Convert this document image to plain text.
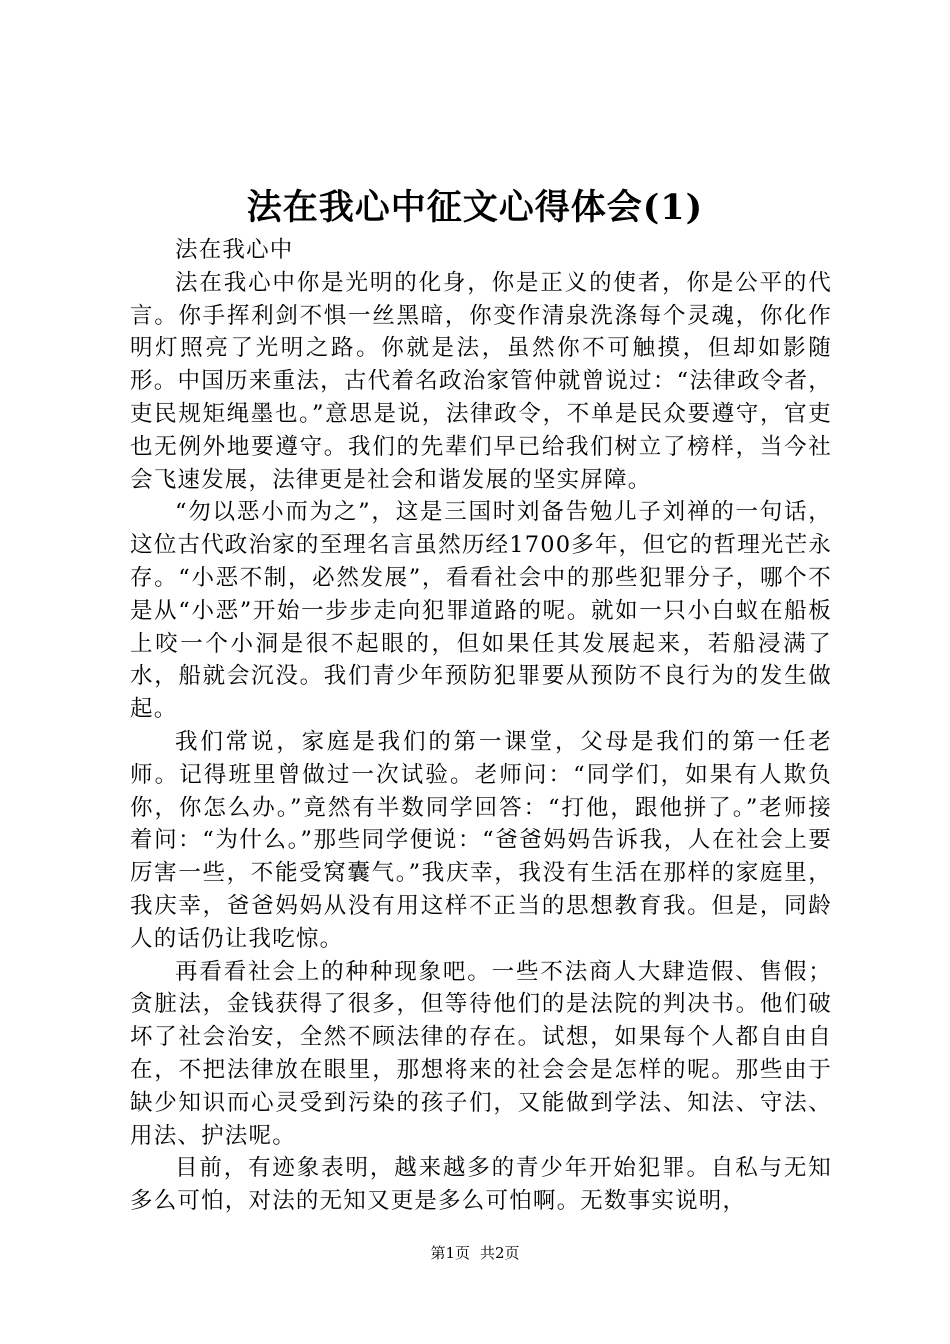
法在我心中征文心得体会(1)

法在我心中

法在我心中你是光明的化身，你是正义的使者，你是公平的代言。你手挥利剑不惧一丝黑暗，你变作清泉洗涤每个灵魂，你化作明灯照亮了光明之路。你就是法，虽然你不可触摸，但却如影随形。中国历来重法，古代着名政治家管仲就曾说过：“法律政令者，吏民规矩绳墨也。”意思是说，法律政令，不单是民众要遵守，官吏也无例外地要遵守。我们的先辈们早已给我们树立了榜样，当今社会飞速发展，法律更是社会和谐发展的坚实屏障。

“勿以恶小而为之”，这是三国时刘备告勉儿子刘禅的一句话，这位古代政治家的至理名言虽然历经1700多年，但它的哲理光芒永存。“小恶不制，必然发展”，看看社会中的那些犯罪分子，哪个不是从“小恶”开始一步步走向犯罪道路的呢。就如一只小白蚁在船板上咬一个小洞是很不起眼的，但如果任其发展起来，若船浸满了水，船就会沉没。我们青少年预防犯罪要从预防不良行为的发生做起。

我们常说，家庭是我们的第一课堂，父母是我们的第一任老师。记得班里曾做过一次试验。老师问：“同学们，如果有人欺负你，你怎么办。”竟然有半数同学回答：“打他，跟他拼了。”老师接着问：“为什么。”那些同学便说：“爸爸妈妈告诉我，人在社会上要厉害一些，不能受窝囊气。”我庆幸，我没有生活在那样的家庭里，我庆幸，爸爸妈妈从没有用这样不正当的思想教育我。但是，同龄人的话仍让我吃惊。

再看看社会上的种种现象吧。一些不法商人大肆造假、售假；贪脏法，金钱获得了很多，但等待他们的是法院的判决书。他们破坏了社会治安，全然不顾法律的存在。试想，如果每个人都自由自在，不把法律放在眼里，那想将来的社会会是怎样的呢。那些由于缺少知识而心灵受到污染的孩子们，又能做到学法、知法、守法、用法、护法呢。

目前，有迹象表明，越来越多的青少年开始犯罪。自私与无知多么可怕，对法的无知又更是多么可怕啊。无数事实说明，

第1页 共2页
